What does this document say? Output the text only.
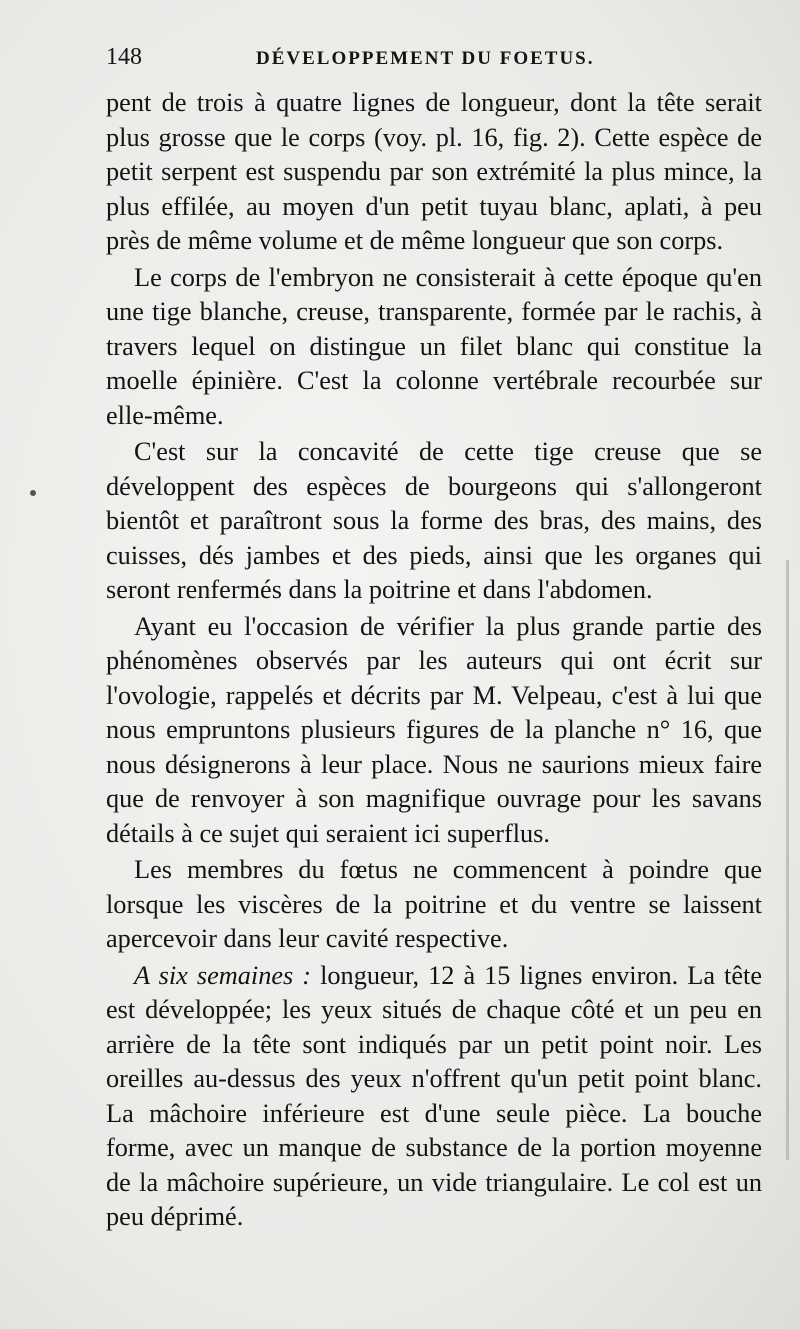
148	DÉVELOPPEMENT DU FOETUS.

pent de trois à quatre lignes de longueur, dont la tête serait plus grosse que le corps (voy. pl. 16, fig. 2). Cette espèce de petit serpent est suspendu par son extrémité la plus mince, la plus effilée, au moyen d'un petit tuyau blanc, aplati, à peu près de même volume et de même longueur que son corps.

Le corps de l'embryon ne consisterait à cette époque qu'en une tige blanche, creuse, transparente, formée par le rachis, à travers lequel on distingue un filet blanc qui constitue la moelle épinière. C'est la colonne vertébrale recourbée sur elle-même.

C'est sur la concavité de cette tige creuse que se développent des espèces de bourgeons qui s'allongeront bientôt et paraîtront sous la forme des bras, des mains, des cuisses, dés jambes et des pieds, ainsi que les organes qui seront renfermés dans la poitrine et dans l'abdomen.

Ayant eu l'occasion de vérifier la plus grande partie des phénomènes observés par les auteurs qui ont écrit sur l'ovologie, rappelés et décrits par M. Velpeau, c'est à lui que nous empruntons plusieurs figures de la planche n° 16, que nous désignerons à leur place. Nous ne saurions mieux faire que de renvoyer à son magnifique ouvrage pour les savans détails à ce sujet qui seraient ici superflus.

Les membres du fœtus ne commencent à poindre que lorsque les viscères de la poitrine et du ventre se laissent apercevoir dans leur cavité respective.

A six semaines : longueur, 12 à 15 lignes environ. La tête est développée; les yeux situés de chaque côté et un peu en arrière de la tête sont indiqués par un petit point noir. Les oreilles au-dessus des yeux n'offrent qu'un petit point blanc. La mâchoire inférieure est d'une seule pièce. La bouche forme, avec un manque de substance de la portion moyenne de la mâchoire supérieure, un vide triangulaire. Le col est un peu déprimé.
